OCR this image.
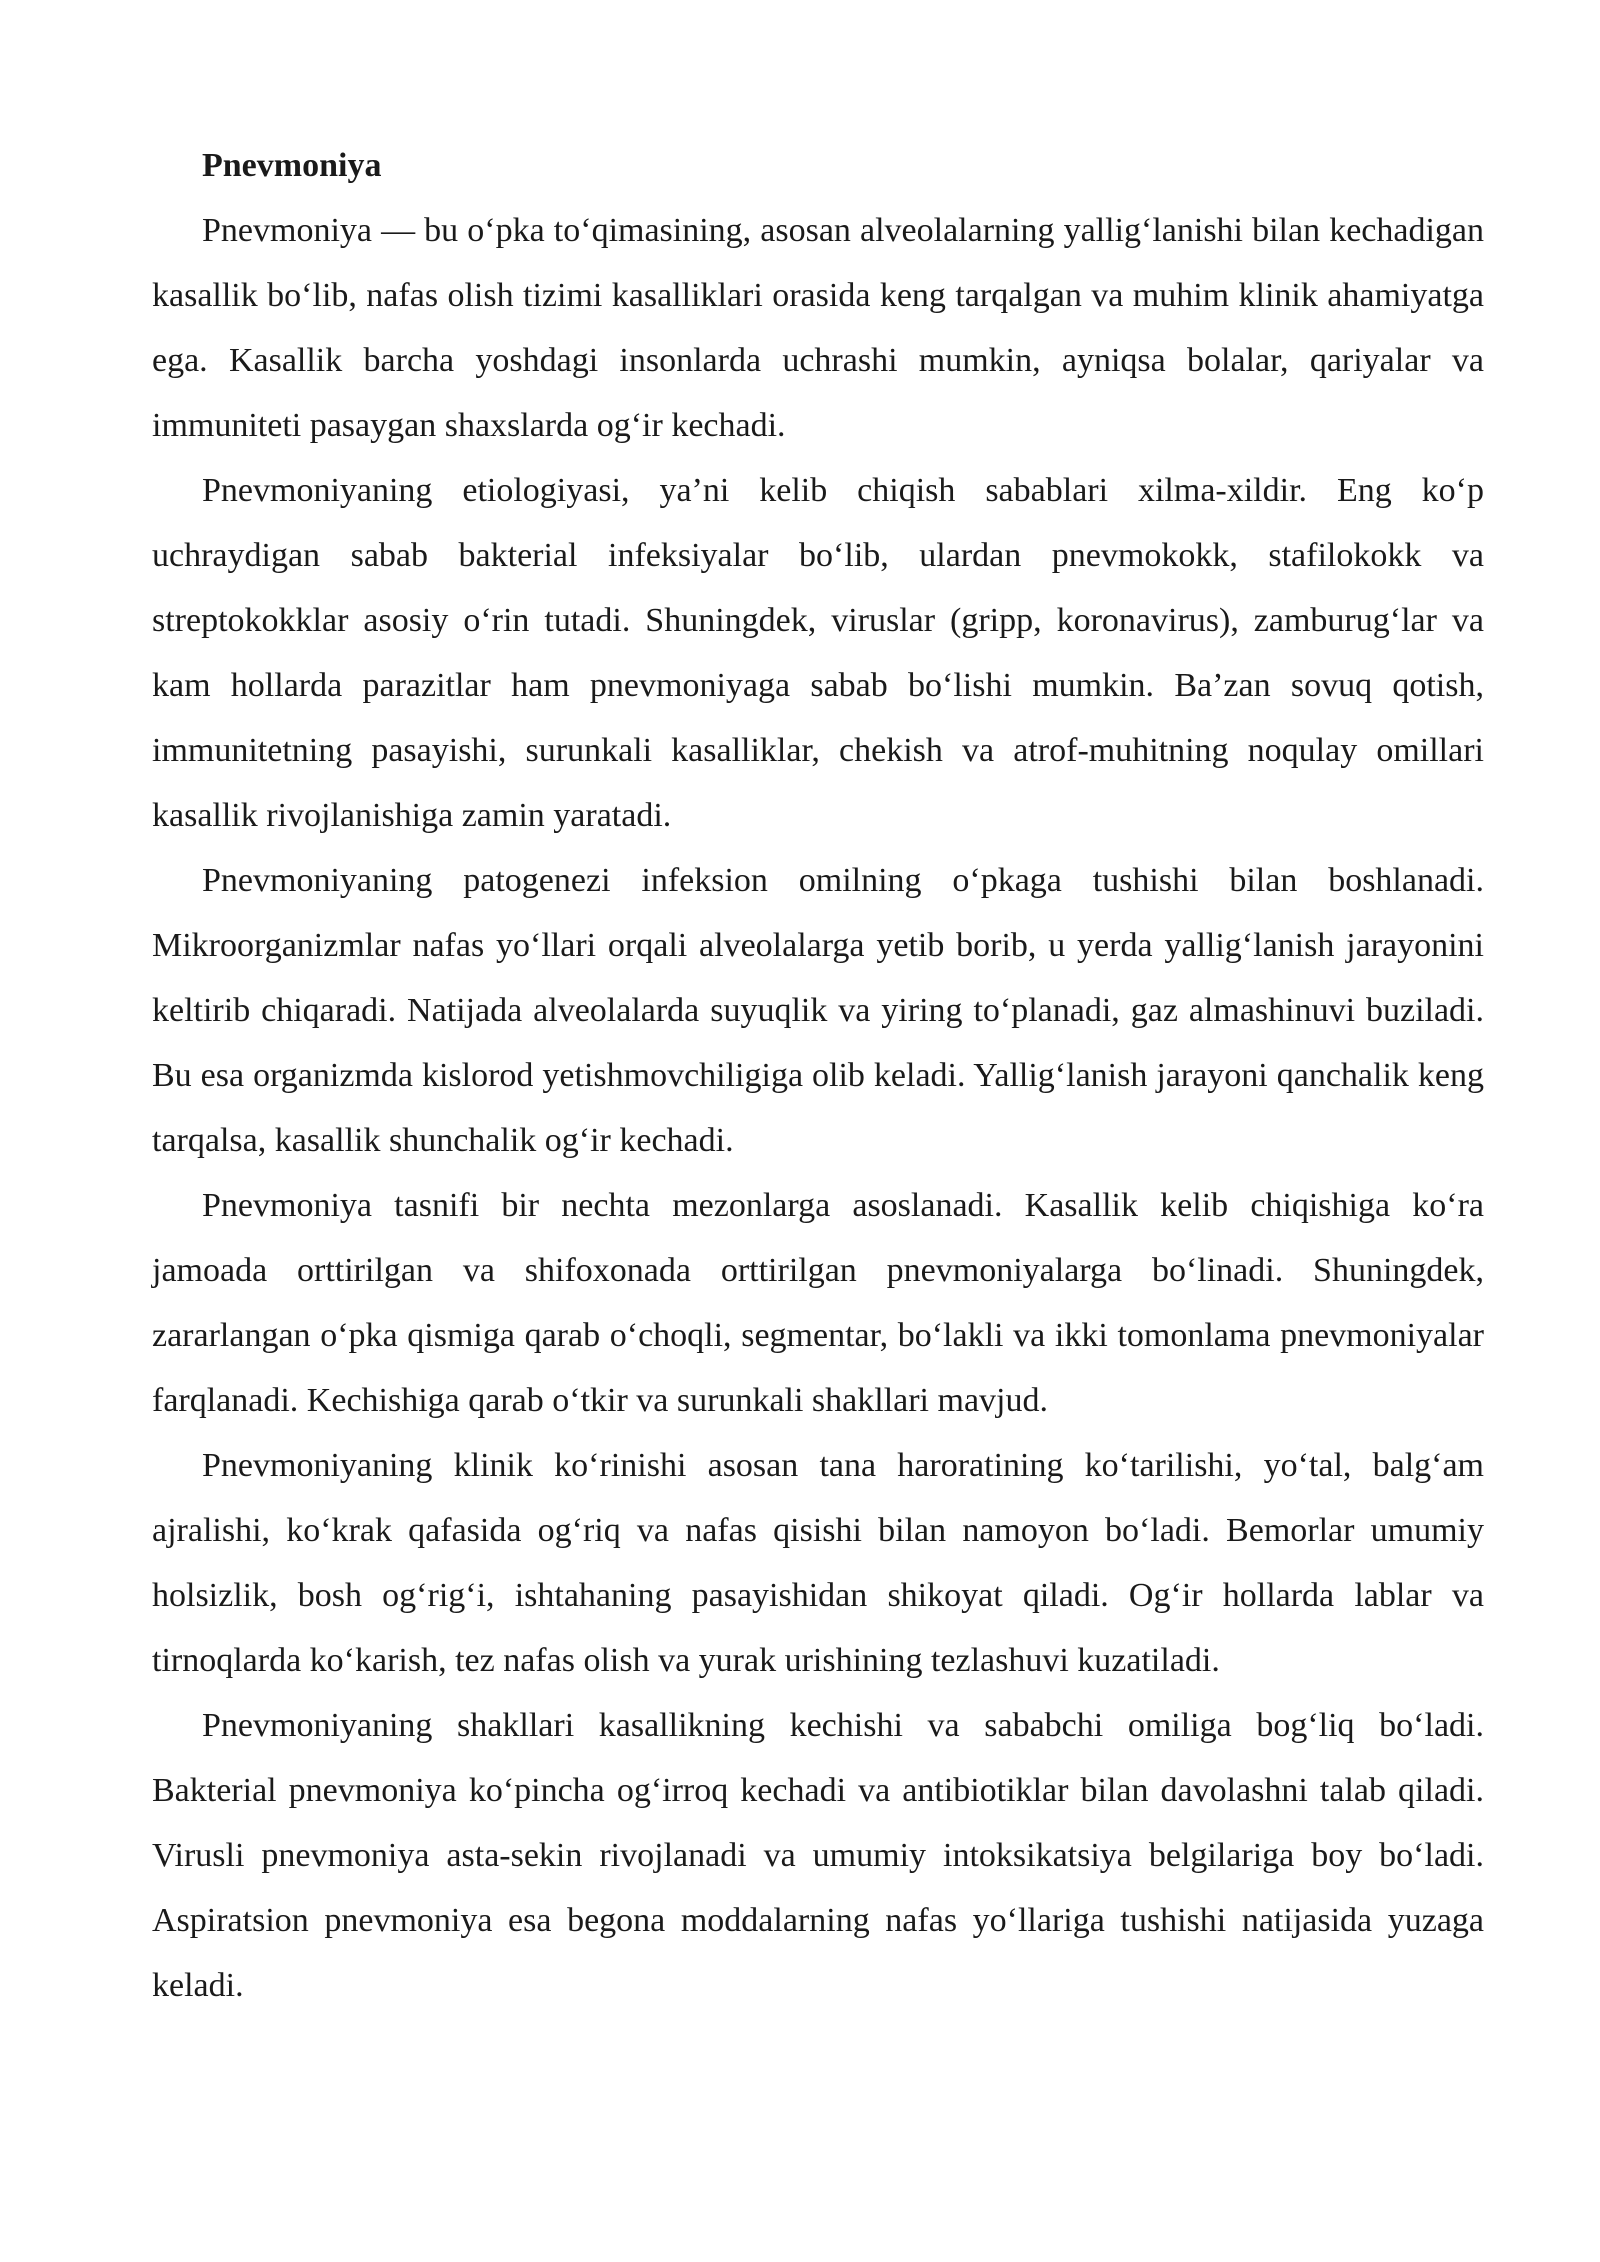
Pnevmoniya

Pnevmoniya — bu o‘pka to‘qimasining, asosan alveolalarning yallig‘lanishi bilan kechadigan kasallik bo‘lib, nafas olish tizimi kasalliklari orasida keng tarqalgan va muhim klinik ahamiyatga ega. Kasallik barcha yoshdagi insonlarda uchrashi mumkin, ayniqsa bolalar, qariyalar va immuniteti pasaygan shaxslarda og‘ir kechadi.

Pnevmoniyaning etiologiyasi, ya’ni kelib chiqish sabablari xilma-xildir. Eng ko‘p uchraydigan sabab bakterial infeksiyalar bo‘lib, ulardan pnevmokokk, stafilokokk va streptokokklar asosiy o‘rin tutadi. Shuningdek, viruslar (gripp, koronavirus), zamburug‘lar va kam hollarda parazitlar ham pnevmoniyaga sabab bo‘lishi mumkin. Ba’zan sovuq qotish, immunitetning pasayishi, surunkali kasalliklar, chekish va atrof-muhitning noqulay omillari kasallik rivojlanishiga zamin yaratadi.

Pnevmoniyaning patogenezi infeksion omilning o‘pkaga tushishi bilan boshlanadi. Mikroorganizmlar nafas yo‘llari orqali alveolalarga yetib borib, u yerda yallig‘lanish jarayonini keltirib chiqaradi. Natijada alveolalarda suyuqlik va yiring to‘planadi, gaz almashinuvi buziladi. Bu esa organizmda kislorod yetishmovchiligiga olib keladi. Yallig‘lanish jarayoni qanchalik keng tarqalsa, kasallik shunchalik og‘ir kechadi.

Pnevmoniya tasnifi bir nechta mezonlarga asoslanadi. Kasallik kelib chiqishiga ko‘ra jamoada orttirilgan va shifoxonada orttirilgan pnevmoniyalarga bo‘linadi. Shuningdek, zararlangan o‘pka qismiga qarab o‘choqli, segmentar, bo‘lakli va ikki tomonlama pnevmoniyalar farqlanadi. Kechishiga qarab o‘tkir va surunkali shakllari mavjud.

Pnevmoniyaning klinik ko‘rinishi asosan tana haroratining ko‘tarilishi, yo‘tal, balg‘am ajralishi, ko‘krak qafasida og‘riq va nafas qisishi bilan namoyon bo‘ladi. Bemorlar umumiy holsizlik, bosh og‘rig‘i, ishtahaning pasayishidan shikoyat qiladi. Og‘ir hollarda lablar va tirnoqlarda ko‘karish, tez nafas olish va yurak urishining tezlashuvi kuzatiladi.

Pnevmoniyaning shakllari kasallikning kechishi va sababchi omiliga bog‘liq bo‘ladi. Bakterial pnevmoniya ko‘pincha og‘irroq kechadi va antibiotiklar bilan davolashni talab qiladi. Virusli pnevmoniya asta-sekin rivojlanadi va umumiy intoksikatsiya belgilariga boy bo‘ladi. Aspiratsion pnevmoniya esa begona moddalarning nafas yo‘llariga tushishi natijasida yuzaga keladi.
